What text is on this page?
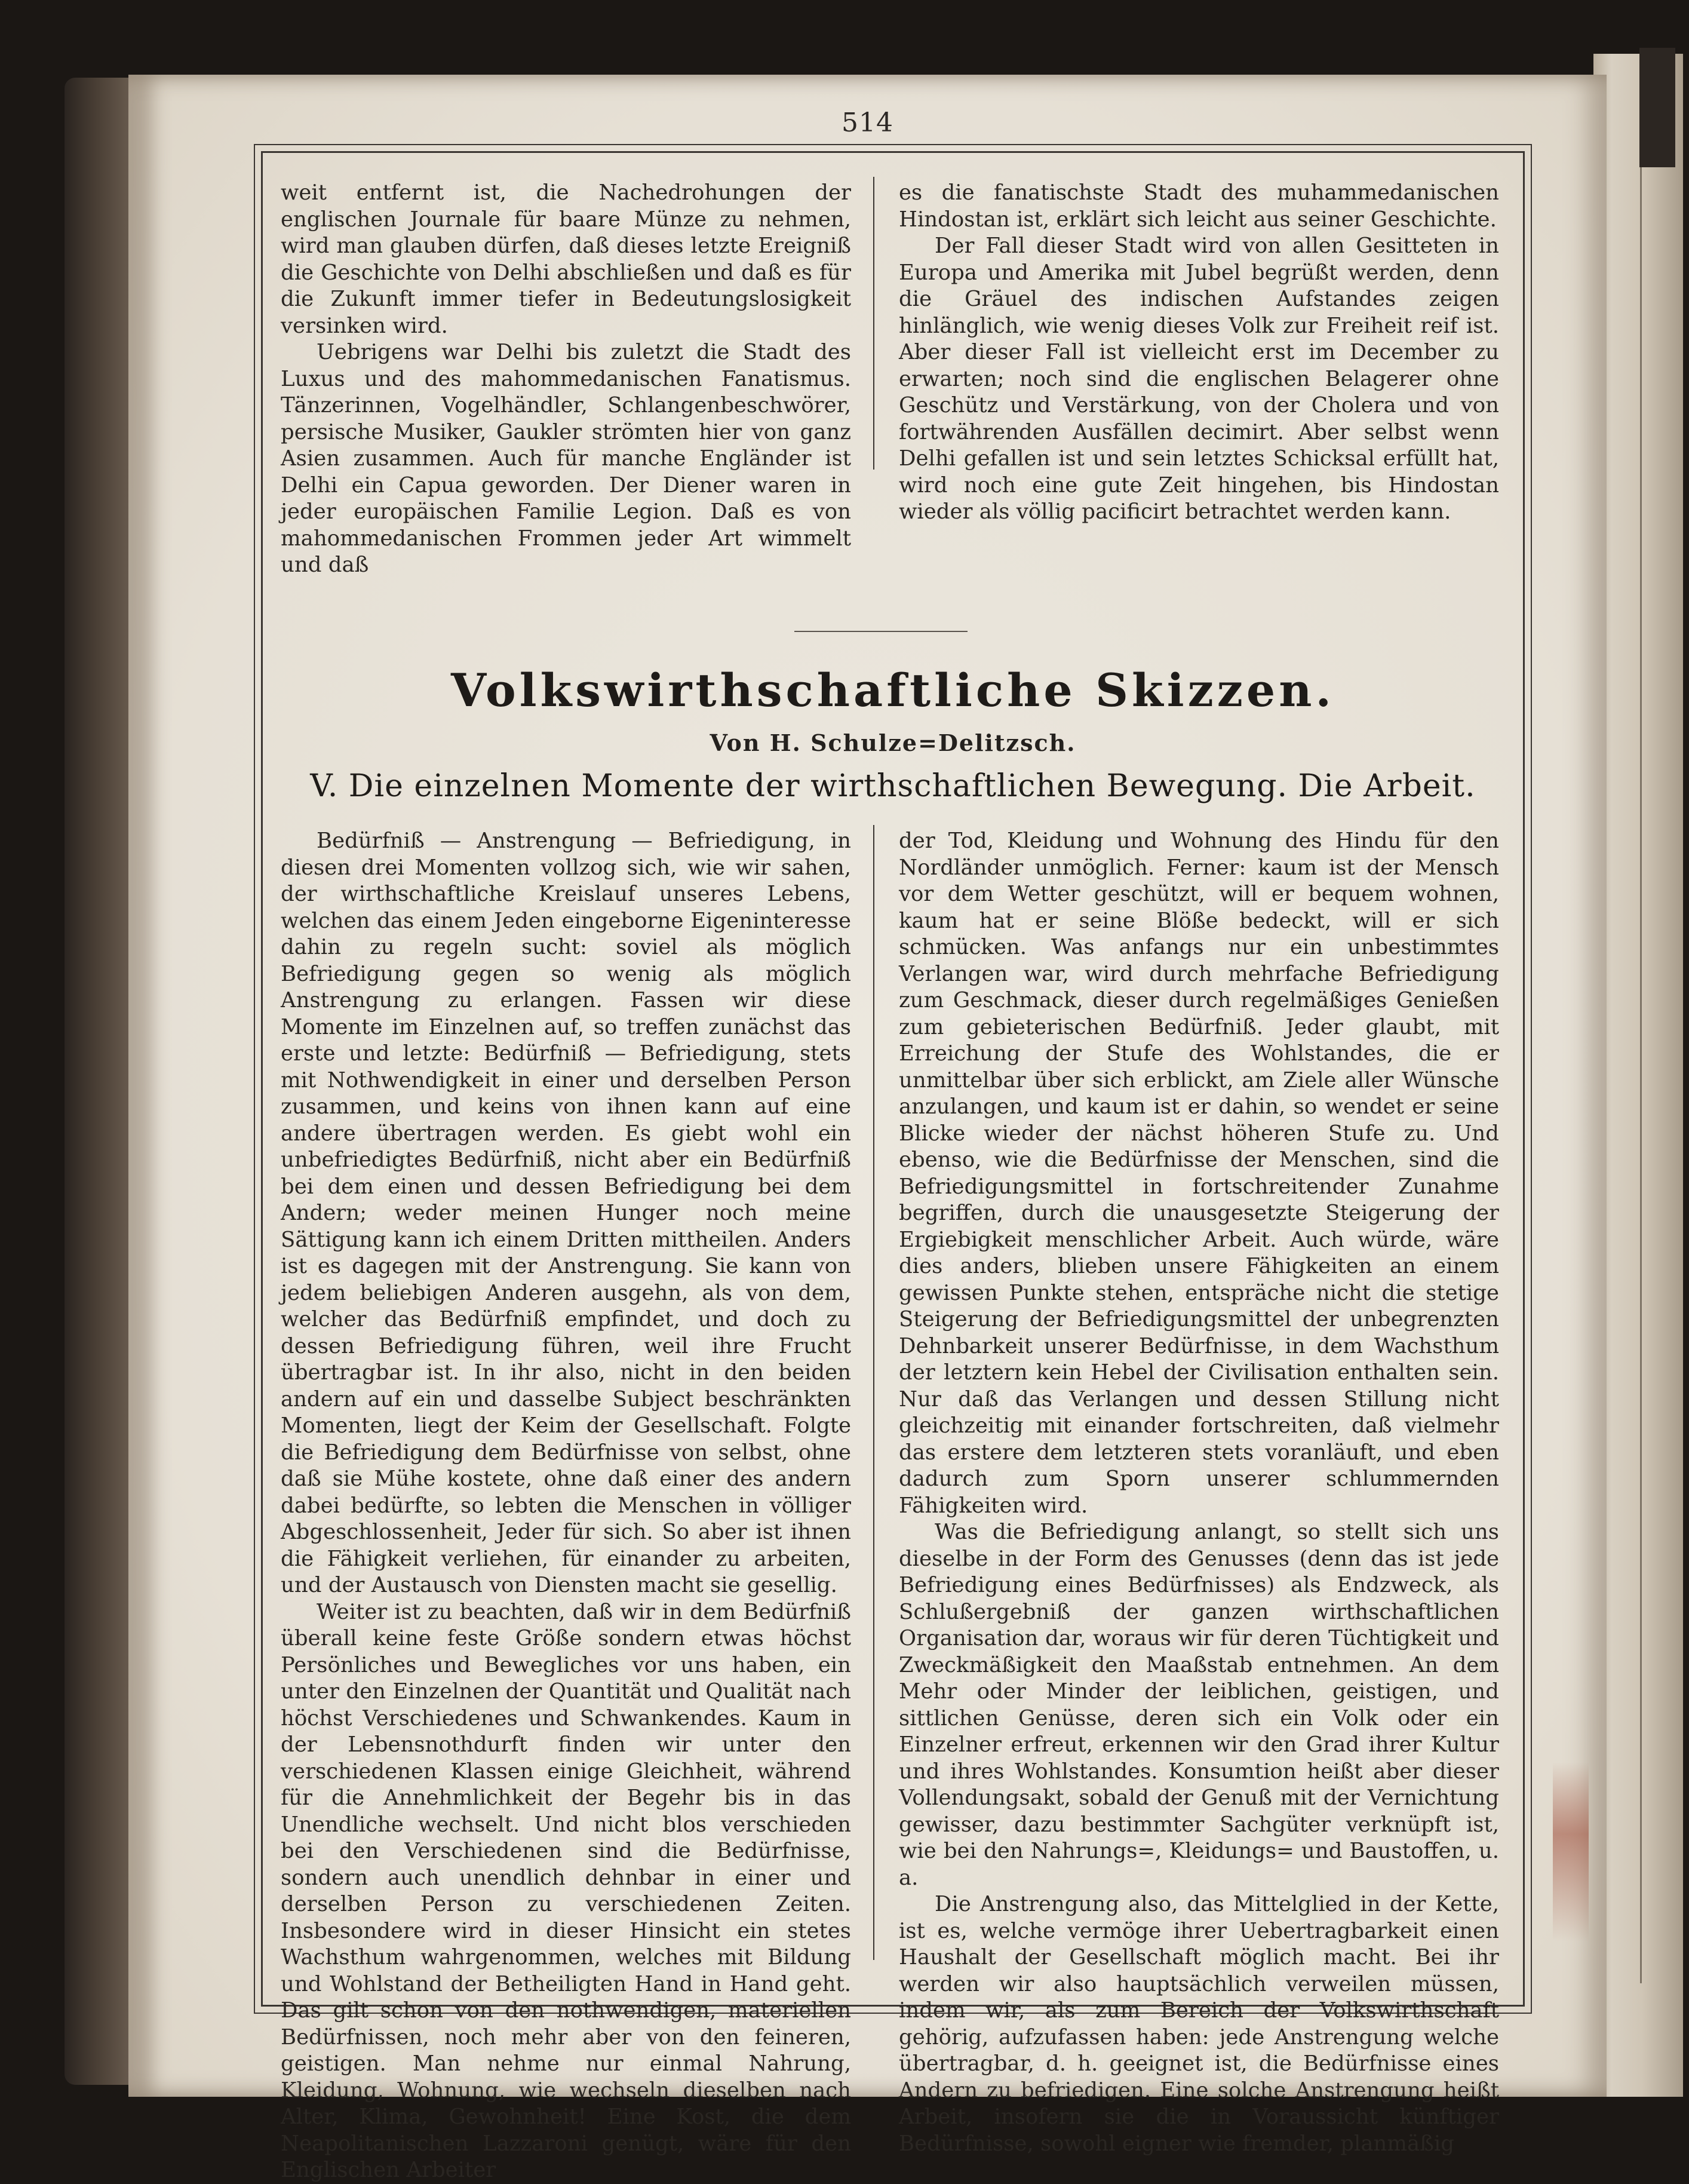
514

weit entfernt ist, die Nachedrohungen der englischen Journale für baare Münze zu nehmen, wird man glauben dürfen, daß dieses letzte Ereigniß die Geschichte von Delhi abschließen und daß es für die Zukunft immer tiefer in Bedeutungslosigkeit versinken wird.

Uebrigens war Delhi bis zuletzt die Stadt des Luxus und des mahommedanischen Fanatismus. Tänzerinnen, Vogelhändler, Schlangenbeschwörer, persische Musiker, Gaukler strömten hier von ganz Asien zusammen. Auch für manche Engländer ist Delhi ein Capua geworden. Der Diener waren in jeder europäischen Familie Legion. Daß es von mahommedanischen Frommen jeder Art wimmelt und daß

es die fanatischste Stadt des muhammedanischen Hindostan ist, erklärt sich leicht aus seiner Geschichte.

Der Fall dieser Stadt wird von allen Gesitteten in Europa und Amerika mit Jubel begrüßt werden, denn die Gräuel des indischen Aufstandes zeigen hinlänglich, wie wenig dieses Volk zur Freiheit reif ist. Aber dieser Fall ist vielleicht erst im December zu erwarten; noch sind die englischen Belagerer ohne Geschütz und Verstärkung, von der Cholera und von fortwährenden Ausfällen decimirt. Aber selbst wenn Delhi gefallen ist und sein letztes Schicksal erfüllt hat, wird noch eine gute Zeit hingehen, bis Hindostan wieder als völlig pacificirt betrachtet werden kann.

Volkswirthschaftliche Skizzen.
Von H. Schulze=Delitzsch.
V. Die einzelnen Momente der wirthschaftlichen Bewegung. Die Arbeit.

Bedürfniß — Anstrengung — Befriedigung, in diesen drei Momenten vollzog sich, wie wir sahen, der wirthschaftliche Kreislauf unseres Lebens, welchen das einem Jeden eingeborne Eigeninteresse dahin zu regeln sucht: soviel als möglich Befriedigung gegen so wenig als möglich Anstrengung zu erlangen. Fassen wir diese Momente im Einzelnen auf, so treffen zunächst das erste und letzte: Bedürfniß — Befriedigung, stets mit Nothwendigkeit in einer und derselben Person zusammen, und keins von ihnen kann auf eine andere übertragen werden. Es giebt wohl ein unbefriedigtes Bedürfniß, nicht aber ein Bedürfniß bei dem einen und dessen Befriedigung bei dem Andern; weder meinen Hunger noch meine Sättigung kann ich einem Dritten mittheilen. Anders ist es dagegen mit der Anstrengung. Sie kann von jedem beliebigen Anderen ausgehn, als von dem, welcher das Bedürfniß empfindet, und doch zu dessen Befriedigung führen, weil ihre Frucht übertragbar ist. In ihr also, nicht in den beiden andern auf ein und dasselbe Subject beschränkten Momenten, liegt der Keim der Gesellschaft. Folgte die Befriedigung dem Bedürfnisse von selbst, ohne daß sie Mühe kostete, ohne daß einer des andern dabei bedürfte, so lebten die Menschen in völliger Abgeschlossenheit, Jeder für sich. So aber ist ihnen die Fähigkeit verliehen, für einander zu arbeiten, und der Austausch von Diensten macht sie gesellig.

Weiter ist zu beachten, daß wir in dem Bedürfniß überall keine feste Größe sondern etwas höchst Persönliches und Bewegliches vor uns haben, ein unter den Einzelnen der Quantität und Qualität nach höchst Verschiedenes und Schwankendes. Kaum in der Lebensnothdurft finden wir unter den verschiedenen Klassen einige Gleichheit, während für die Annehmlichkeit der Begehr bis in das Unendliche wechselt. Und nicht blos verschieden bei den Verschiedenen sind die Bedürfnisse, sondern auch unendlich dehnbar in einer und derselben Person zu verschiedenen Zeiten. Insbesondere wird in dieser Hinsicht ein stetes Wachsthum wahrgenommen, welches mit Bildung und Wohlstand der Betheiligten Hand in Hand geht. Das gilt schon von den nothwendigen, materiellen Bedürfnissen, noch mehr aber von den feineren, geistigen. Man nehme nur einmal Nahrung, Kleidung, Wohnung, wie wechseln dieselben nach Alter, Klima, Gewohnheit! Eine Kost, die dem Neapolitanischen Lazzaroni genügt, wäre für den Englischen Arbeiter

der Tod, Kleidung und Wohnung des Hindu für den Nordländer unmöglich. Ferner: kaum ist der Mensch vor dem Wetter geschützt, will er bequem wohnen, kaum hat er seine Blöße bedeckt, will er sich schmücken. Was anfangs nur ein unbestimmtes Verlangen war, wird durch mehrfache Befriedigung zum Geschmack, dieser durch regelmäßiges Genießen zum gebieterischen Bedürfniß. Jeder glaubt, mit Erreichung der Stufe des Wohlstandes, die er unmittelbar über sich erblickt, am Ziele aller Wünsche anzulangen, und kaum ist er dahin, so wendet er seine Blicke wieder der nächst höheren Stufe zu. Und ebenso, wie die Bedürfnisse der Menschen, sind die Befriedigungsmittel in fortschreitender Zunahme begriffen, durch die unausgesetzte Steigerung der Ergiebigkeit menschlicher Arbeit. Auch würde, wäre dies anders, blieben unsere Fähigkeiten an einem gewissen Punkte stehen, entspräche nicht die stetige Steigerung der Befriedigungsmittel der unbegrenzten Dehnbarkeit unserer Bedürfnisse, in dem Wachsthum der letztern kein Hebel der Civilisation enthalten sein. Nur daß das Verlangen und dessen Stillung nicht gleichzeitig mit einander fortschreiten, daß vielmehr das erstere dem letzteren stets voranläuft, und eben dadurch zum Sporn unserer schlummernden Fähigkeiten wird.

Was die Befriedigung anlangt, so stellt sich uns dieselbe in der Form des Genusses (denn das ist jede Befriedigung eines Bedürfnisses) als Endzweck, als Schlußergebniß der ganzen wirthschaftlichen Organisation dar, woraus wir für deren Tüchtigkeit und Zweckmäßigkeit den Maaßstab entnehmen. An dem Mehr oder Minder der leiblichen, geistigen, und sittlichen Genüsse, deren sich ein Volk oder ein Einzelner erfreut, erkennen wir den Grad ihrer Kultur und ihres Wohlstandes. Konsumtion heißt aber dieser Vollendungsakt, sobald der Genuß mit der Vernichtung gewisser, dazu bestimmter Sachgüter verknüpft ist, wie bei den Nahrungs=, Kleidungs= und Baustoffen, u. a.

Die Anstrengung also, das Mittelglied in der Kette, ist es, welche vermöge ihrer Uebertragbarkeit einen Haushalt der Gesellschaft möglich macht. Bei ihr werden wir also hauptsächlich verweilen müssen, indem wir, als zum Bereich der Volkswirthschaft gehörig, aufzufassen haben: jede Anstrengung welche übertragbar, d. h. geeignet ist, die Bedürfnisse eines Andern zu befriedigen. Eine solche Anstrengung heißt Arbeit, insofern sie die in Voraussicht künftiger Bedürfnisse, sowohl eigner wie fremder, planmäßig
